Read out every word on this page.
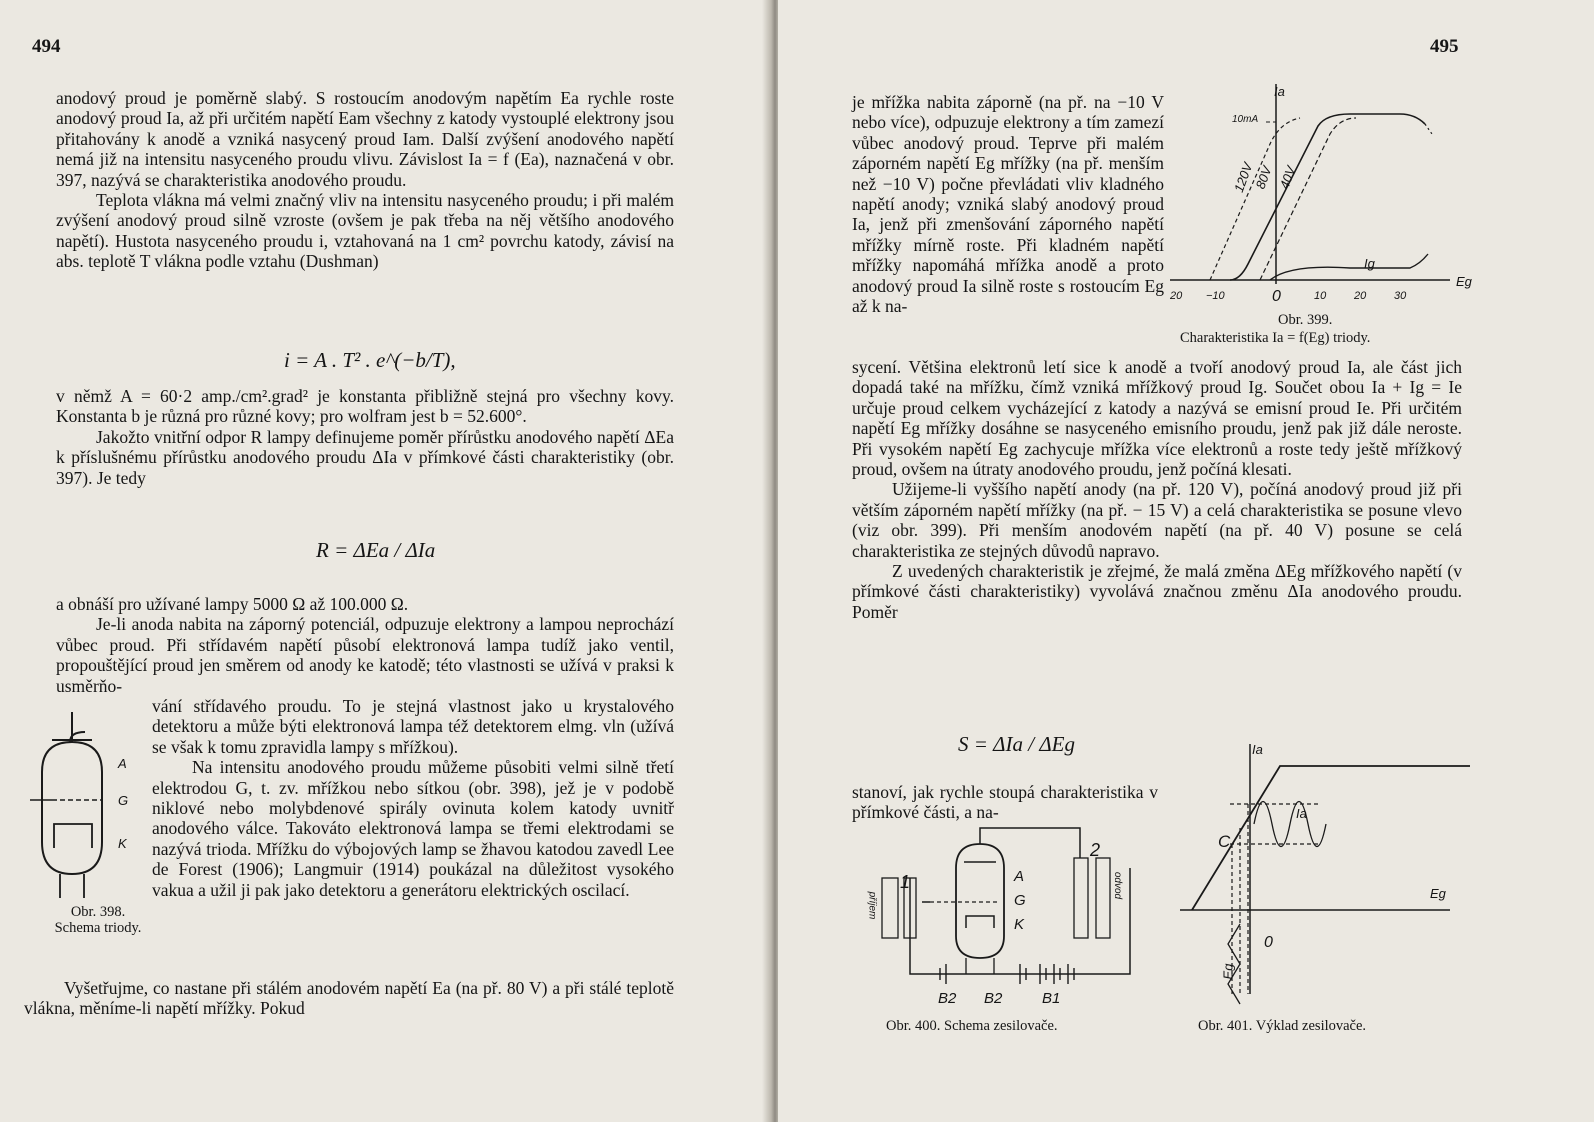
494

anodový proud je poměrně slabý. S rostoucím anodovým napětím Ea rychle roste anodový proud Ia, až při určitém napětí Eam všechny z katody vystouplé elektrony jsou přitahovány k anodě a vzniká nasycený proud Iam. Další zvýšení anodového napětí nemá již na intensitu nasyceného proudu vlivu. Závislost Ia = f (Ea), naznačená v obr. 397, nazývá se charakteristika anodového proudu.

Teplota vlákna má velmi značný vliv na intensitu nasyceného proudu; i při malém zvýšení anodový proud silně vzroste (ovšem je pak třeba na něj většího anodového napětí). Hustota nasyceného proudu i, vztahovaná na 1 cm² povrchu katody, závisí na abs. teplotě T vlákna podle vztahu (Dushman)

i = A . T² . e^(−b/T),

v němž A = 60·2 amp./cm².grad² je konstanta přibližně stejná pro všechny kovy. Konstanta b je různá pro různé kovy; pro wolfram jest b = 52.600°.

Jakožto vnitřní odpor R lampy definujeme poměr přírůstku anodového napětí ΔEa k příslušnému přírůstku anodového proudu ΔIa v přímkové části charakteristiky (obr. 397). Je tedy

R = ΔEa / ΔIa

a obnáší pro užívané lampy 5000 Ω až 100.000 Ω.

Je-li anoda nabita na záporný potenciál, odpuzuje elektrony a lampou neprochází vůbec proud. Při střídavém napětí působí elektronová lampa tudíž jako ventil, propouštějící proud jen směrem od anody ke katodě; této vlastnosti se užívá v praksi k usměrňo-

vání střídavého proudu. To je stejná vlastnost jako u krystalového detektoru a může býti elektronová lampa též detektorem elmg. vln (užívá se však k tomu zpravidla lampy s mřížkou).

Na intensitu anodového proudu můžeme působiti velmi silně třetí elektrodou G, t. zv. mřížkou nebo sítkou (obr. 398), jež je v podobě niklové nebo molybdenové spirály ovinuta kolem katody uvnitř anodového válce. Takováto elektronová lampa se třemi elektrodami se nazývá trioda. Mřížku do výbojových lamp se žhavou katodou zavedl Lee de Forest (1906); Langmuir (1914) poukázal na důležitost vysokého vakua a užil ji pak jako detektoru a generátoru elektrických oscilací.

Vyšetřujme, co nastane při stálém anodovém napětí Ea (na př. 80 V) a při stálé teplotě vlákna, měníme-li napětí mřížky. Pokud

A
G
K
Obr. 398. Schema triody.
495

je mřížka nabita záporně (na př. na −10 V nebo více), odpuzuje elektrony a tím zamezí vůbec anodový proud. Teprve při malém záporném napětí Eg mřížky (na př. menším než −10 V) počne převládati vliv kladného napětí anody; vzniká slabý anodový proud Ia, jenž při zmenšování záporného napětí mřížky mírně roste. Při kladném napětí mřížky napomáhá mřížka anodě a proto anodový proud Ia silně roste s rostoucím Eg až k na-

Ia
10mA
120V
80V 40V
Ig
Eg
20 −10	0	10	20	30
Obr. 399.
Charakteristika Ia = f(Eg) triody.

sycení. Většina elektronů letí sice k anodě a tvoří anodový proud Ia, ale část jich dopadá také na mřížku, čímž vzniká mřížkový proud Ig. Součet obou Ia + Ig = Ie určuje proud celkem vycházející z katody a nazývá se emisní proud Ie. Při určitém napětí Eg mřížky dosáhne se nasyceného emisního proudu, jenž pak již dále neroste. Při vysokém napětí Eg zachycuje mřížka více elektronů a roste tedy ještě mřížkový proud, ovšem na útraty anodového proudu, jenž počíná klesati.

Užijeme-li vyššího napětí anody (na př. 120 V), počíná anodový proud již při větším záporném napětí mřížky (na př. − 15 V) a celá charakteristika se posune vlevo (viz obr. 399). Při menším anodovém napětí (na př. 40 V) posune se celá charakteristika ze stejných důvodů napravo.

Z uvedených charakteristik je zřejmé, že malá změna ΔEg mřížkového napětí (v přímkové části charakteristiky) vyvolává značnou změnu ΔIa anodového proudu. Poměr

S = ΔIa / ΔEg

stanoví, jak rychle stoupá charakteristika v přímkové části, a na-

1
2
A
G
K
B2 B2	B1
příjem
odvod
Obr. 400. Schema zesilovače.
Ia
Ia
C
Eg
0
Eg
Obr. 401. Výklad zesilovače.
